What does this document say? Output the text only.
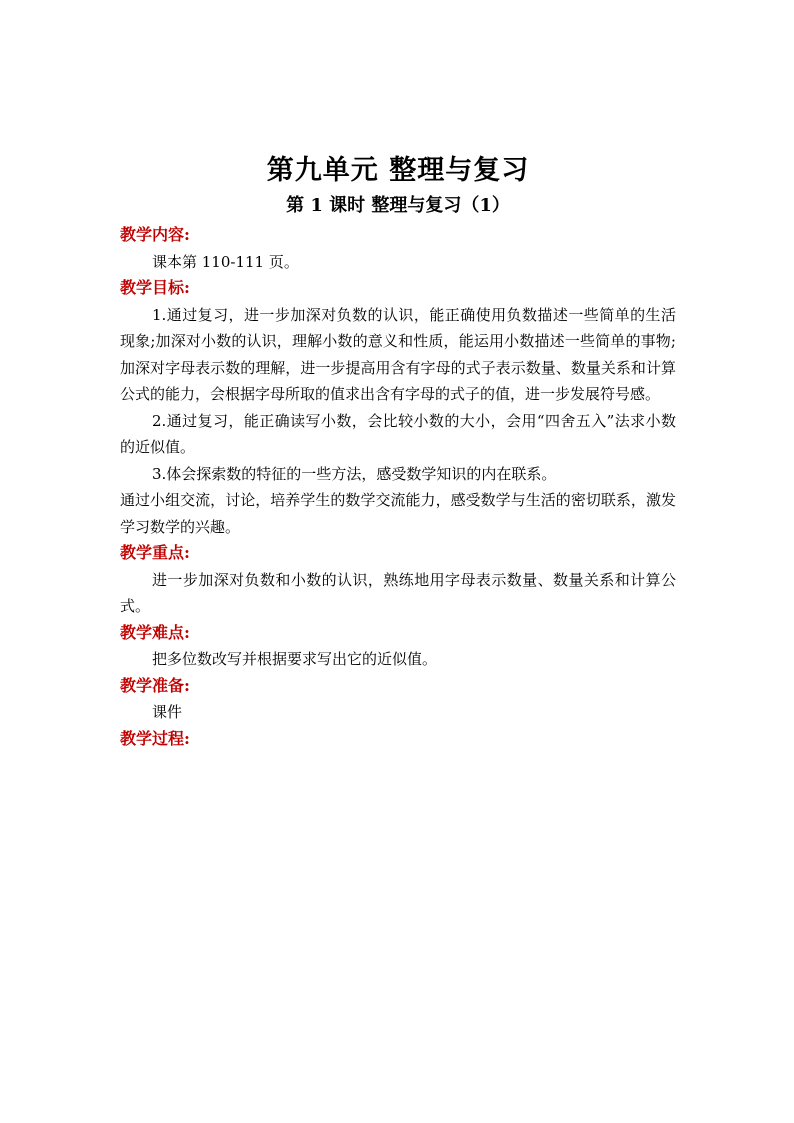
第九单元 整理与复习
第 1 课时 整理与复习（1）

教学内容:

课本第 110-111 页。

教学目标:

1.通过复习，进一步加深对负数的认识，能正确使用负数描述一些简单的生活现象;加深对小数的认识，理解小数的意义和性质，能运用小数描述一些简单的事物;加深对字母表示数的理解，进一步提高用含有字母的式子表示数量、数量关系和计算公式的能力，会根据字母所取的值求出含有字母的式子的值，进一步发展符号感。

2.通过复习，能正确读写小数，会比较小数的大小，会用“四舍五入”法求小数的近似值。

3.体会探索数的特征的一些方法，感受数学知识的内在联系。

通过小组交流，讨论，培养学生的数学交流能力，感受数学与生活的密切联系，激发学习数学的兴趣。

教学重点:

进一步加深对负数和小数的认识，熟练地用字母表示数量、数量关系和计算公式。

教学难点:

把多位数改写并根据要求写出它的近似值。

教学准备:

课件

教学过程:
